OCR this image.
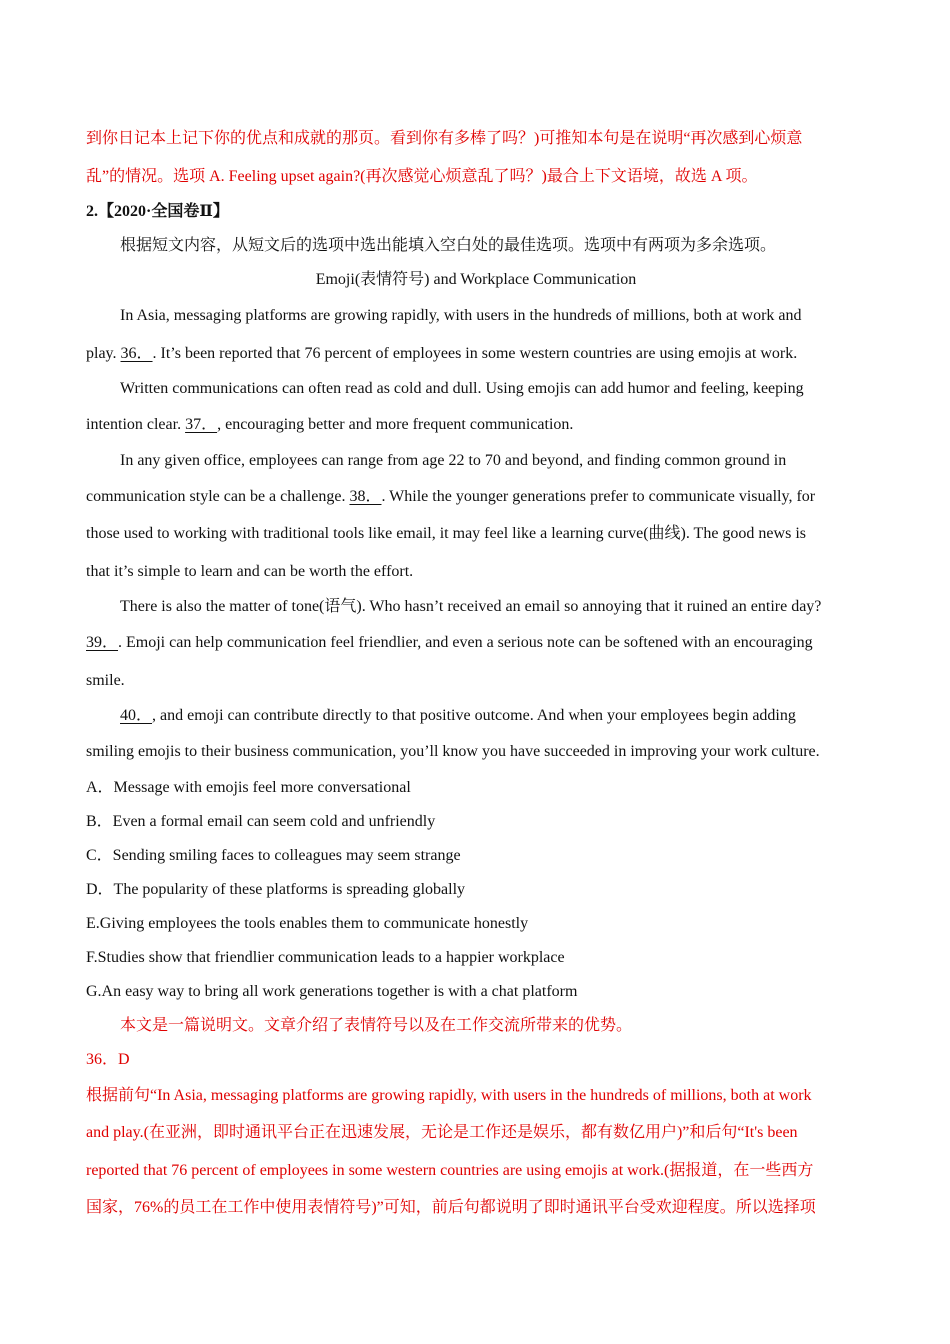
到你日记本上记下你的优点和成就的那页。看到你有多棒了吗？)可推知本句是在说明“再次感到心烦意

乱”的情况。选项 A. Feeling upset again?(再次感觉心烦意乱了吗？)最合上下文语境，故选 A 项。

2.【2020·全国卷Ⅱ】

根据短文内容，从短文后的选项中选出能填入空白处的最佳选项。选项中有两项为多余选项。

Emoji(表情符号) and Workplace Communication

In Asia, messaging platforms are growing rapidly, with users in the hundreds of millions, both at work and

play. 36．. It’s been reported that 76 percent of employees in some western countries are using emojis at work.

Written communications can often read as cold and dull. Using emojis can add humor and feeling, keeping

intention clear. 37．, encouraging better and more frequent communication.

In any given office, employees can range from age 22 to 70 and beyond, and finding common ground in

communication style can be a challenge. 38．. While the younger generations prefer to communicate visually, for

those used to working with traditional tools like email, it may feel like a learning curve(曲线). The good news is

that it’s simple to learn and can be worth the effort.

There is also the matter of tone(语气). Who hasn’t received an email so annoying that it ruined an entire day?

39．. Emoji can help communication feel friendlier, and even a serious note can be softened with an encouraging

smile.

40．, and emoji can contribute directly to that positive outcome. And when your employees begin adding

smiling emojis to their business communication, you’ll know you have succeeded in improving your work culture.

A．Message with emojis feel more conversational

B．Even a formal email can seem cold and unfriendly

C．Sending smiling faces to colleagues may seem strange

D．The popularity of these platforms is spreading globally

E.Giving employees the tools enables them to communicate honestly

F.Studies show that friendlier communication leads to a happier workplace

G.An easy way to bring all work generations together is with a chat platform

本文是一篇说明文。文章介绍了表情符号以及在工作交流所带来的优势。

36．D

根据前句“In Asia, messaging platforms are growing rapidly, with users in the hundreds of millions, both at work

and play.(在亚洲，即时通讯平台正在迅速发展，无论是工作还是娱乐，都有数亿用户)”和后句“It's been

reported that 76 percent of employees in some western countries are using emojis at work.(据报道，在一些西方

国家，76%的员工在工作中使用表情符号)”可知，前后句都说明了即时通讯平台受欢迎程度。所以选择项
